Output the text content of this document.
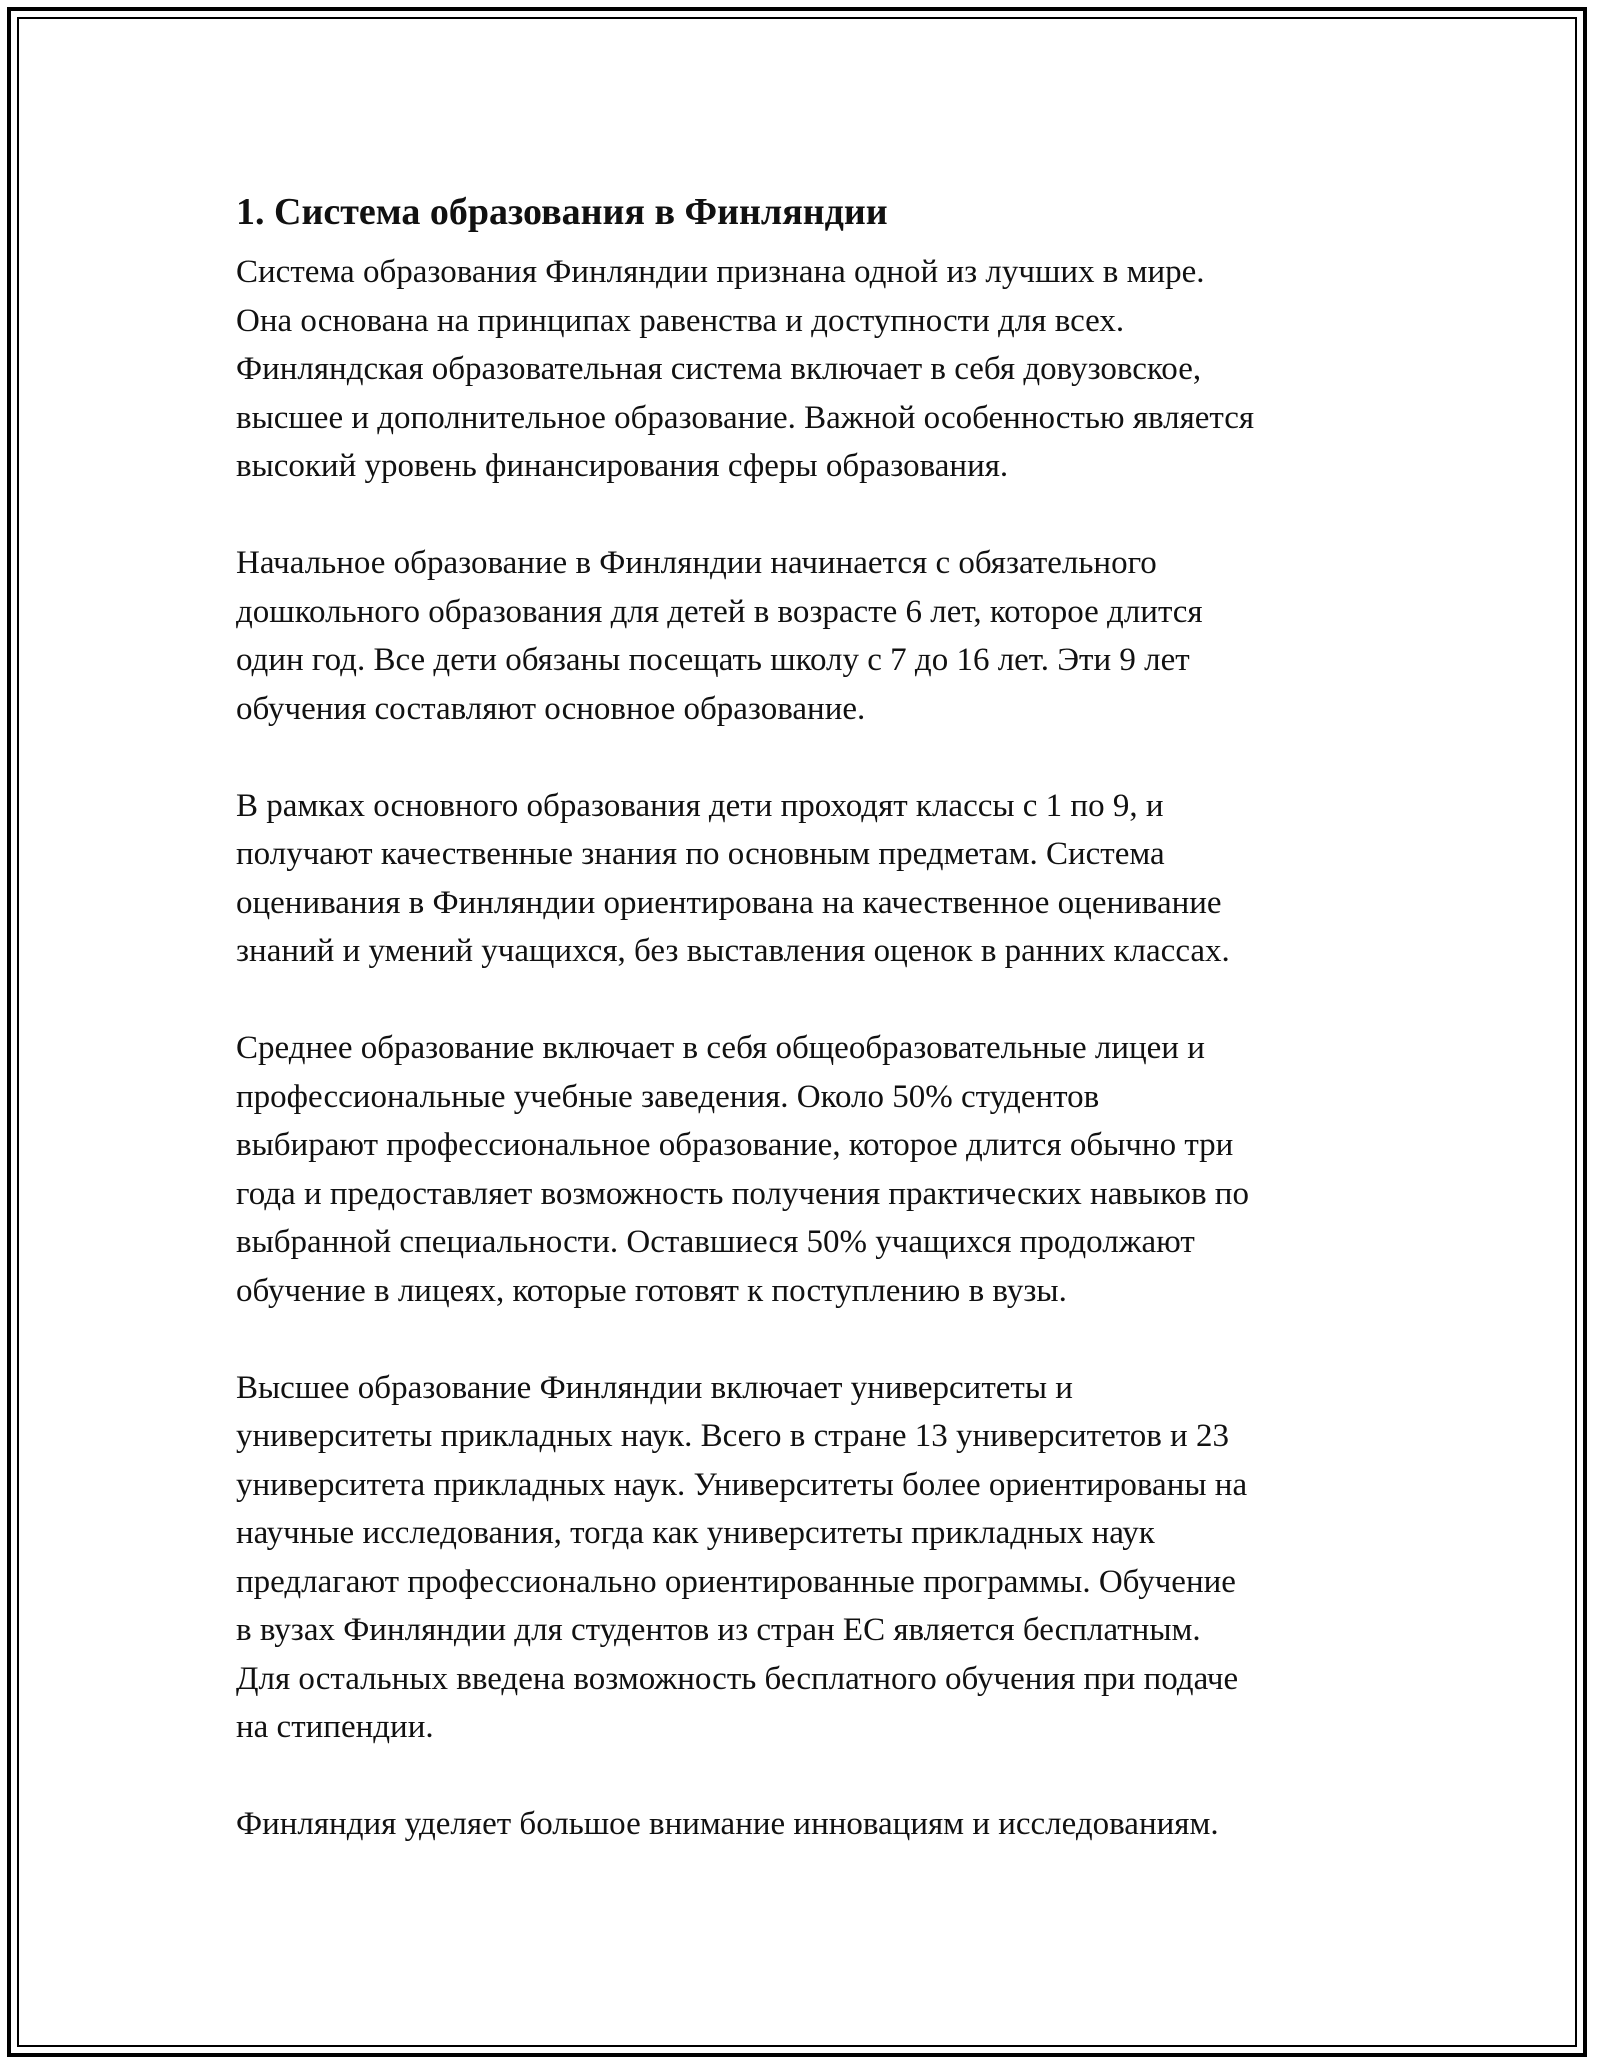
1. Система образования в Финляндии

Система образования Финляндии признана одной из лучших в мире.
Она основана на принципах равенства и доступности для всех.
Финляндская образовательная система включает в себя довузовское,
высшее и дополнительное образование. Важной особенностью является
высокий уровень финансирования сферы образования.

Начальное образование в Финляндии начинается с обязательного
дошкольного образования для детей в возрасте 6 лет, которое длится
один год. Все дети обязаны посещать школу с 7 до 16 лет. Эти 9 лет
обучения составляют основное образование.

В рамках основного образования дети проходят классы с 1 по 9, и
получают качественные знания по основным предметам. Система
оценивания в Финляндии ориентирована на качественное оценивание
знаний и умений учащихся, без выставления оценок в ранних классах.

Среднее образование включает в себя общеобразовательные лицеи и
профессиональные учебные заведения. Около 50% студентов
выбирают профессиональное образование, которое длится обычно три
года и предоставляет возможность получения практических навыков по
выбранной специальности. Оставшиеся 50% учащихся продолжают
обучение в лицеях, которые готовят к поступлению в вузы.

Высшее образование Финляндии включает университеты и
университеты прикладных наук. Всего в стране 13 университетов и 23
университета прикладных наук. Университеты более ориентированы на
научные исследования, тогда как университеты прикладных наук
предлагают профессионально ориентированные программы. Обучение
в вузах Финляндии для студентов из стран ЕС является бесплатным.
Для остальных введена возможность бесплатного обучения при подаче
на стипендии.

Финляндия уделяет большое внимание инновациям и исследованиям.
